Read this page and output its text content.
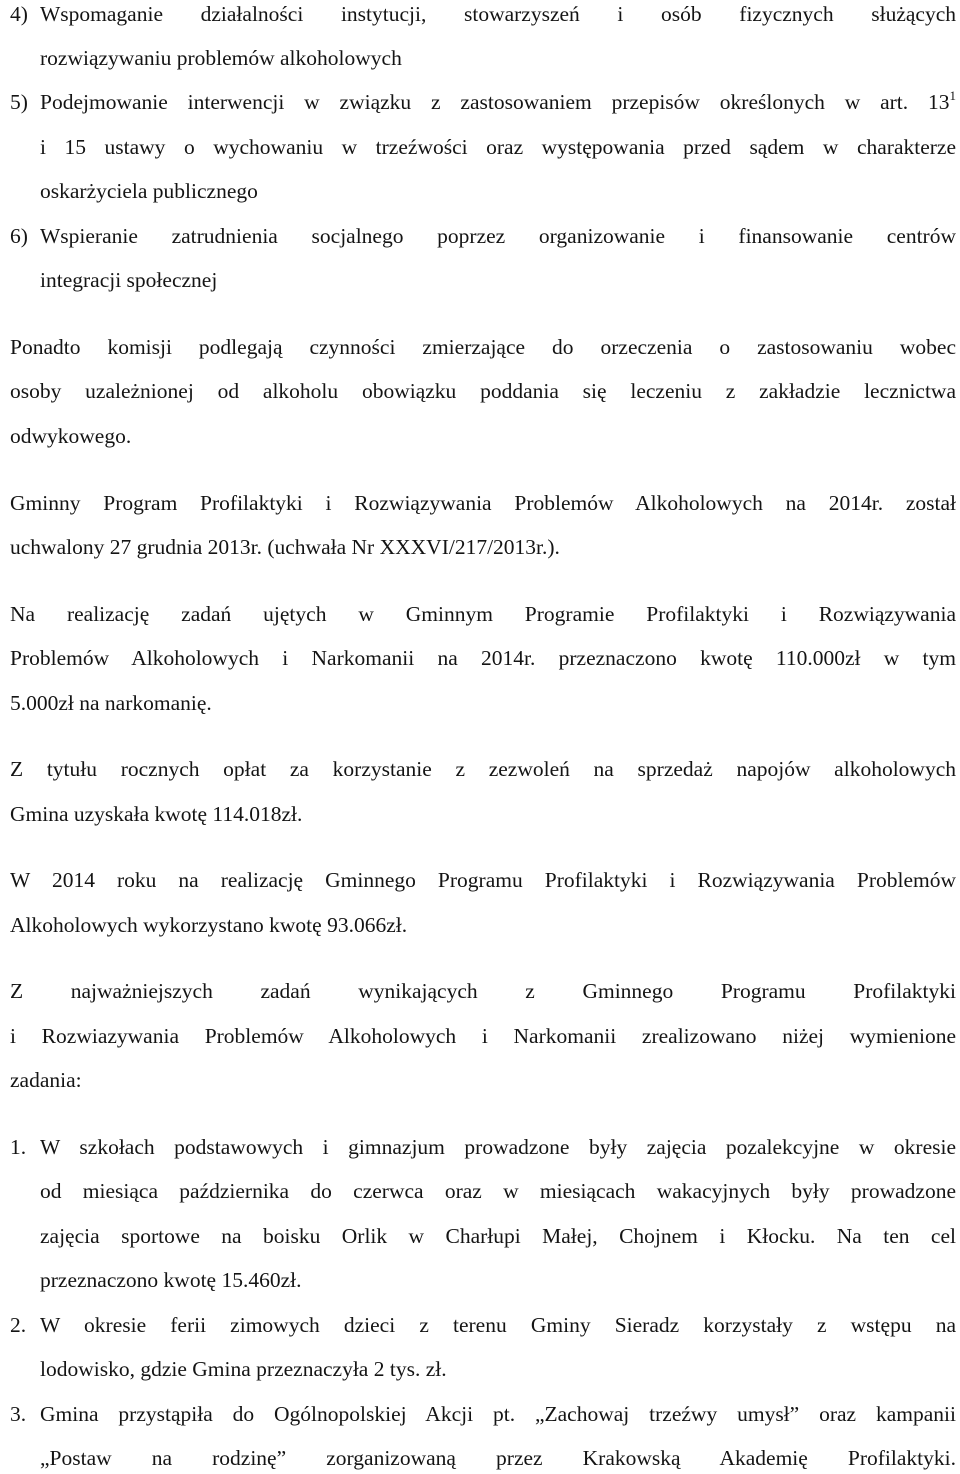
4) Wspomaganie działalności instytucji, stowarzyszeń i osób fizycznych służących
rozwiązywaniu problemów alkoholowych
5) Podejmowanie interwencji w związku z zastosowaniem przepisów określonych w art. $13^1$
i 15 ustawy o wychowaniu w trzeźwości oraz występowania przed sądem w charakterze
oskarżyciela publicznego
6) Wspieranie zatrudnienia socjalnego poprzez organizowanie i finansowanie centrów
integracji społecznej
Ponadto komisji podlegają czynności zmierzające do orzeczenia o zastosowaniu wobec
osoby uzależnionej od alkoholu obowiązku poddania się leczeniu z zakładzie lecznictwa
odwykowego.
Gminny Program Profilaktyki i Rozwiązywania Problemów Alkoholowych na 2014r. został
uchwalony 27 grudnia 2013r. (uchwała Nr XXXVI/217/2013r.).
Na realizację zadań ujętych w Gminnym Programie Profilaktyki i Rozwiązywania
Problemów Alkoholowych i Narkomanii na 2014r. przeznaczono kwotę 110.000zł w tym
5.000zł na narkomanię.
Z tytułu rocznych opłat za korzystanie z zezwoleń na sprzedaż napojów alkoholowych
Gmina uzyskała kwotę 114.018zł.
W 2014 roku na realizację Gminnego Programu Profilaktyki i Rozwiązywania Problemów
Alkoholowych wykorzystano kwotę 93.066zł.
Z najważniejszych zadań wynikających z Gminnego Programu Profilaktyki
i Rozwiazywania Problemów Alkoholowych i Narkomanii zrealizowano niżej wymienione
zadania:
1. W szkołach podstawowych i gimnazjum prowadzone były zajęcia pozalekcyjne w okresie
od miesiąca października do czerwca oraz w miesiącach wakacyjnych były prowadzone
zajęcia sportowe na boisku Orlik w Charłupi Małej, Chojnem i Kłocku. Na ten cel
przeznaczono kwotę 15.460zł.
2. W okresie ferii zimowych dzieci z terenu Gminy Sieradz korzystały z wstępu na
lodowisko, gdzie Gmina przeznaczyła 2 tys. zł.
3. Gmina przystąpiła do Ogólnopolskiej Akcji pt. „Zachowaj trzeźwy umysł” oraz kampanii
„Postaw na rodzinę” zorganizowaną przez Krakowską Akademię Profilaktyki.
